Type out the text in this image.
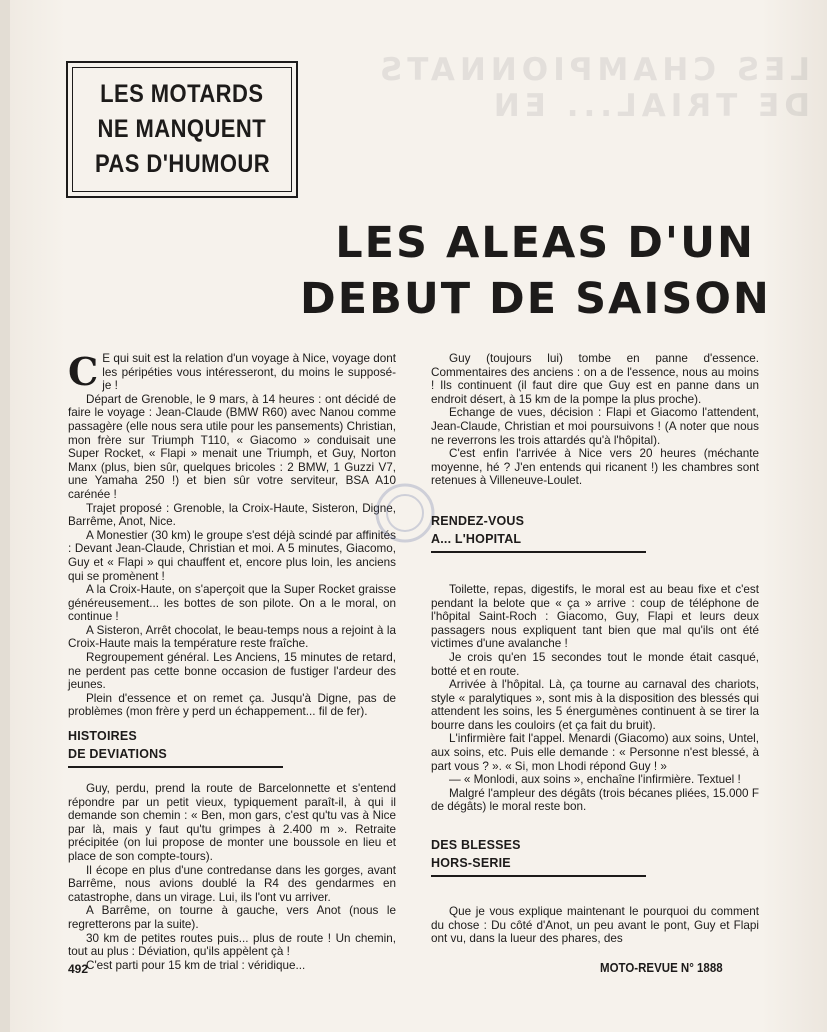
LES CHAMPIONNATS
DE TRIAL... EN
LES MOTARDS
NE MANQUENT
PAS D'HUMOUR
LES ALEAS D'UN
DEBUT DE SAISON

C E qui suit est la relation d'un voyage à Nice, voyage dont les péripéties vous intéresseront, du moins le supposé-je !

Départ de Grenoble, le 9 mars, à 14 heures : ont décidé de faire le voyage : Jean-Claude (BMW R60) avec Nanou comme passagère (elle nous sera utile pour les pansements) Christian, mon frère sur Triumph T110, « Giacomo » conduisait une Super Rocket, « Flapi » menait une Triumph, et Guy, Norton Manx (plus, bien sûr, quelques bricoles : 2 BMW, 1 Guzzi V7, une Yamaha 250 !) et bien sûr votre serviteur, BSA A10 carénée !

Trajet proposé : Grenoble, la Croix-Haute, Sisteron, Digne, Barrême, Anot, Nice.

A Monestier (30 km) le groupe s'est déjà scindé par affinités : Devant Jean-Claude, Christian et moi. A 5 minutes, Giacomo, Guy et « Flapi » qui chauffent et, encore plus loin, les anciens qui se promènent !

A la Croix-Haute, on s'aperçoit que la Super Rocket graisse généreusement... les bottes de son pilote. On a le moral, on continue !

A Sisteron, Arrêt chocolat, le beau-temps nous a rejoint à la Croix-Haute mais la température reste fraîche.

Regroupement général. Les Anciens, 15 minutes de retard, ne perdent pas cette bonne occasion de fustiger l'ardeur des jeunes.

Plein d'essence et on remet ça. Jusqu'à Digne, pas de problèmes (mon frère y perd un échappement... fil de fer).

HISTOIRES
DE DEVIATIONS

Guy, perdu, prend la route de Barcelonnette et s'entend répondre par un petit vieux, typiquement paraît-il, à qui il demande son chemin : « Ben, mon gars, c'est qu'tu vas à Nice par là, mais y faut qu'tu grimpes à 2.400 m ». Retraite précipitée (on lui propose de monter une boussole en lieu et place de son compte-tours).

Il écope en plus d'une contredanse dans les gorges, avant Barrême, nous avions doublé la R4 des gendarmes en catastrophe, dans un virage. Lui, ils l'ont vu arriver.

A Barrême, on tourne à gauche, vers Anot (nous le regretterons par la suite).

30 km de petites routes puis... plus de route ! Un chemin, tout au plus : Déviation, qu'ils appèlent çà !

C'est parti pour 15 km de trial : véridique...

Guy (toujours lui) tombe en panne d'essence. Commentaires des anciens : on a de l'essence, nous au moins ! Ils continuent (il faut dire que Guy est en panne dans un endroit désert, à 15 km de la pompe la plus proche).

Echange de vues, décision : Flapi et Giacomo l'attendent, Jean-Claude, Christian et moi poursuivons ! (A noter que nous ne reverrons les trois attardés qu'à l'hôpital).

C'est enfin l'arrivée à Nice vers 20 heures (méchante moyenne, hé ? J'en entends qui ricanent !) les chambres sont retenues à Villeneuve-Loulet.

RENDEZ-VOUS
A... L'HOPITAL

Toilette, repas, digestifs, le moral est au beau fixe et c'est pendant la belote que « ça » arrive : coup de téléphone de l'hôpital Saint-Roch : Giacomo, Guy, Flapi et leurs deux passagers nous expliquent tant bien que mal qu'ils ont été victimes d'une avalanche !

Je crois qu'en 15 secondes tout le monde était casqué, botté et en route.

Arrivée à l'hôpital. Là, ça tourne au carnaval des chariots, style « paralytiques », sont mis à la disposition des blessés qui attendent les soins, les 5 énergumènes continuent à se tirer la bourre dans les couloirs (et ça fait du bruit).

L'infirmière fait l'appel. Menardi (Giacomo) aux soins, Untel, aux soins, etc. Puis elle demande : « Personne n'est blessé, à part vous ? ». « Si, mon Lhodi répond Guy ! »

— « Monlodi, aux soins », enchaîne l'infirmière. Textuel !

Malgré l'ampleur des dégâts (trois bécanes pliées, 15.000 F de dégâts) le moral reste bon.

DES BLESSES
HORS-SERIE

Que je vous explique maintenant le pourquoi du comment du chose : Du côté d'Anot, un peu avant le pont, Guy et Flapi ont vu, dans la lueur des phares, des

492	MOTO-REVUE N° 1888
